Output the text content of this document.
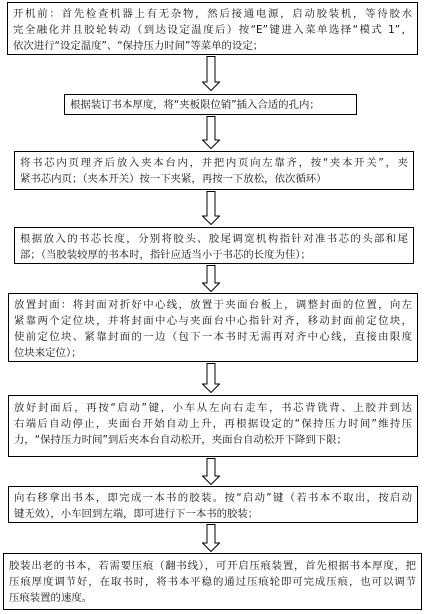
开机前：首先检查机器上有无杂物，然后接通电源，启动胶装机，等待胶水
完全融化并且胶轮转动（到达设定温度后）按“E”键进入菜单选择“模式 1”，
依次进行“设定温度”、“保持压力时间”等菜单的设定；
根据装订书本厚度，将“夹板限位销”插入合适的孔内；
将书芯内页理齐后放入夹本台内，并把内页向左靠齐，按“夹本开关”，夹
紧书芯内页；（夹本开关）按一下夹紧，再按一下放松，依次循环）
根据放入的书芯长度，分别将胶头、胶尾调宽机构指针对准书芯的头部和尾
部；（当胶装较厚的书本时，指针应适当小于书芯的长度为佳）；
放置封面：将封面对折好中心线，放置于夹面台板上，调整封面的位置，向左
紧靠两个定位块，并将封面中心与夹面台中心指针对齐，移动封面前定位块，
使前定位块、紧靠封面的一边（包下一本书时无需再对齐中心线，直接由限度
位块来定位）；
放好封面后，再按“启动”键，小车从左向右走车，书芯背铣背、上胶并到达
右端后自动停止，夹面台开始自动上升，再根据设定的“保持压力时间”维持压
力，“保持压力时间”到后夹本台自动松开，夹面台自动松开下降到下限；
向右移拿出书本，即完成一本书的胶装。按“启动”键（若书本不取出，按启动
键无效），小车回到左端，即可进行下一本书的胶装；
胶装出老的书本，若需要压痕（翻书线），可开启压痕装置，首先根据书本厚度，把
压痕厚度调节好，在取书时，将书本平稳的通过压痕轮即可完成压痕，也可以调节
压痕装置的速度。
